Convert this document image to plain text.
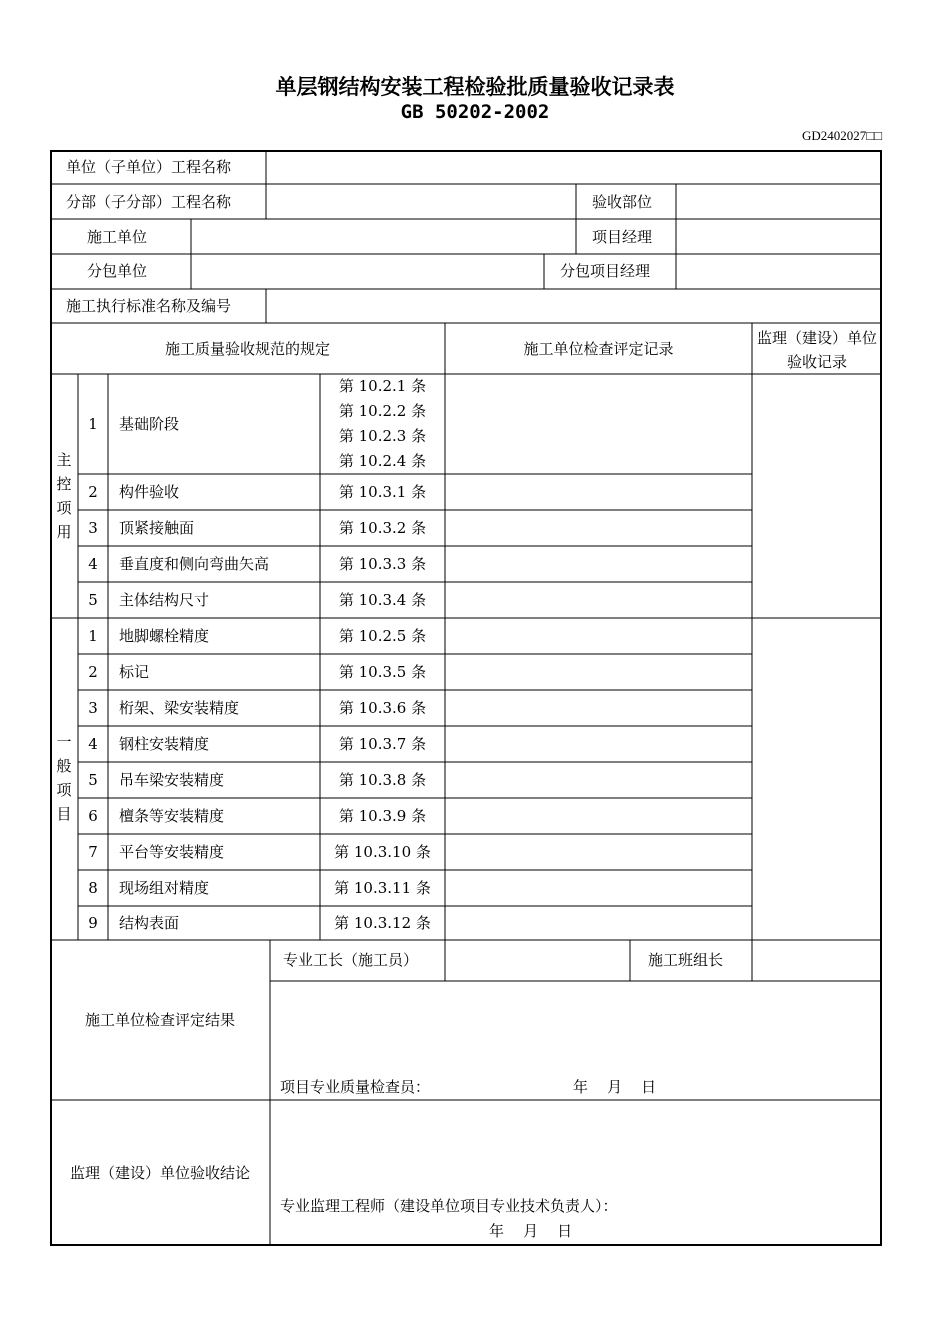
单层钢结构安装工程检验批质量验收记录表
GB 50202-2002
GD2402027□□
单位（子单位）工程名称
分部（子分部）工程名称	验收部位
施工单位	项目经理
分包单位	分包项目经理
施工执行标准名称及编号
施工质量验收规范的规定	施工单位检查评定记录
监理（建设）单位验收记录
主
控
项
用
1	基础阶段
第 10.2.1 条
第 10.2.2 条
第 10.2.3 条
第 10.2.4 条
2	构件验收	第 10.3.1 条
3	顶紧接触面	第 10.3.2 条
4	垂直度和侧向弯曲矢高	第 10.3.3 条
5	主体结构尺寸	第 10.3.4 条
一
般
项
目
1	地脚螺栓精度	第 10.2.5 条
2	标记	第 10.3.5 条
3	桁架、梁安装精度	第 10.3.6 条
4	钢柱安装精度	第 10.3.7 条
5	吊车梁安装精度	第 10.3.8 条
6	檀条等安装精度	第 10.3.9 条
7	平台等安装精度	第 10.3.10 条
8	现场组对精度	第 10.3.11 条
9	结构表面	第 10.3.12 条
施工单位检查评定结果
专业工长（施工员）	施工班组长
项目专业质量检查员：	年    月    日
监理（建设）单位验收结论
专业监理工程师（建设单位项目专业技术负责人）：
年    月    日
